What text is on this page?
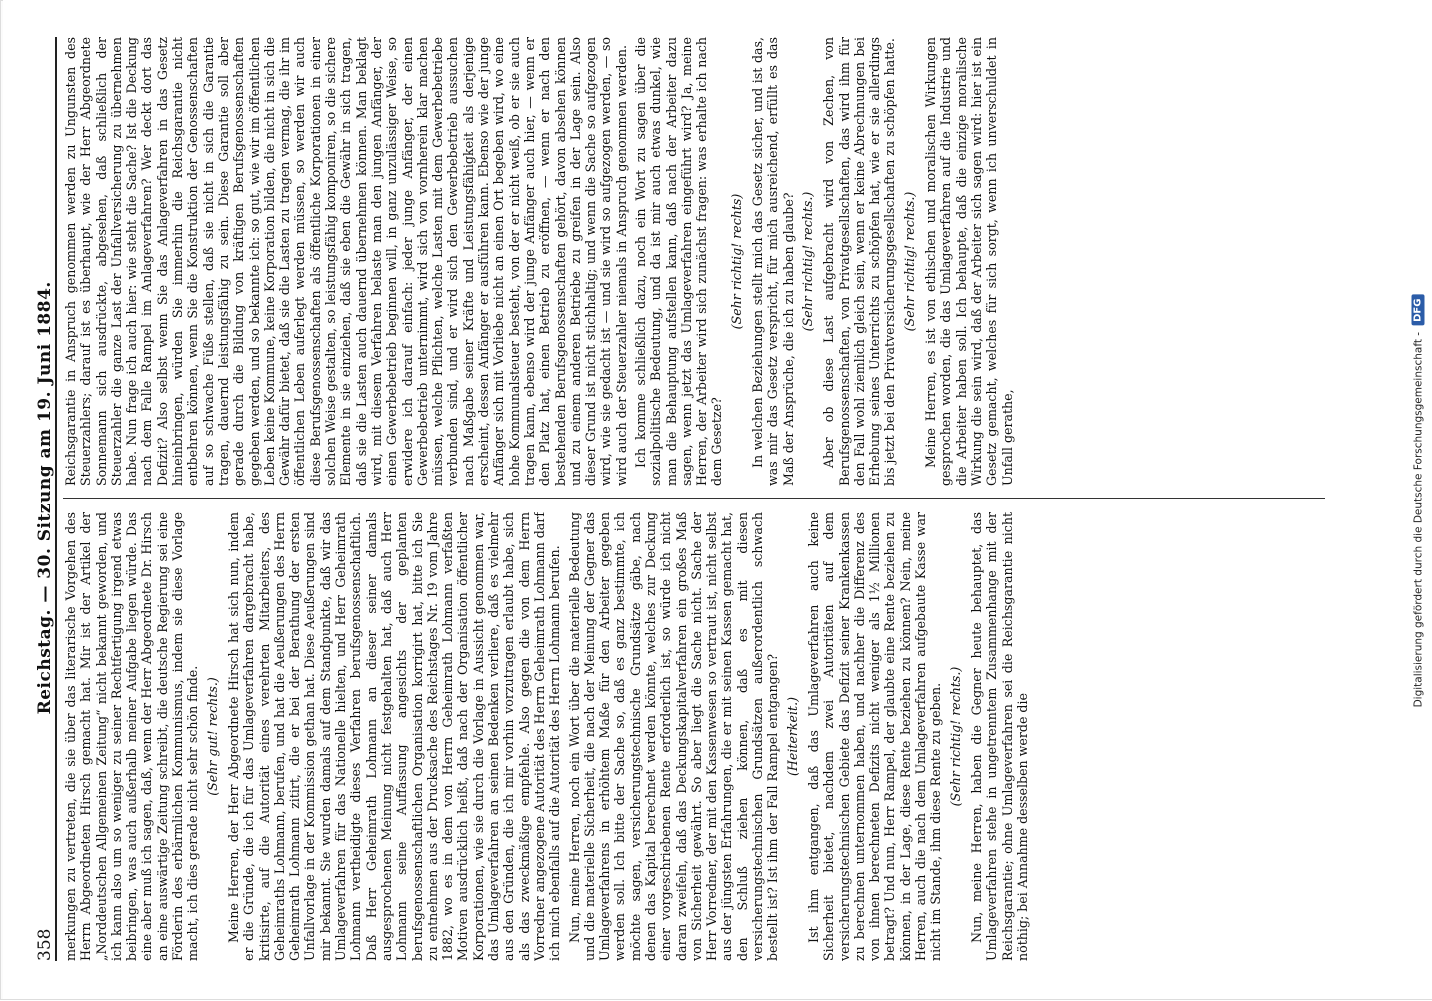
358
Reichstag. — 30. Sitzung am 19. Juni 1884.

merkungen zu vertreten, die sie über das literarische Vorgehen des Herrn Abgeordneten Hirsch gemacht hat. Mir ist der Artikel der „Norddeutschen Allgemeinen Zeitung“ nicht bekannt geworden, und ich kann also um so weniger zu seiner Rechtfertigung irgend etwas beibringen, was auch außerhalb meiner Aufgabe liegen würde. Das eine aber muß ich sagen, daß, wenn der Herr Abgeordnete Dr. Hirsch an eine auswärtige Zeitung schreibt, die deutsche Regierung sei eine Förderin des erbärmlichen Kommunismus, indem sie diese Vorlage macht, ich dies gerade nicht sehr schön finde. (Sehr gut! rechts.) Meine Herren, der Herr Abgeordnete Hirsch hat sich nun, indem er die Gründe, die ich für das Umlageverfahren dargebracht habe, kritisirte, auf die Autorität eines verehrten Mitarbeiters, des Geheimraths Lohmann, berufen, und hat die Aeußerungen des Herrn Geheimrath Lohmann zitirt, die er bei der Berathung der ersten Unfallvorlage in der Kommission gethan hat. Diese Aeußerungen sind mir bekannt. Sie wurden damals auf dem Standpunkte, daß wir das Umlageverfahren für das Nationelle hielten, und Herr Geheimrath Lohmann vertheidigte dieses Verfahren berufsgenossenschaftlich. Daß Herr Geheimrath Lohmann an dieser seiner damals ausgesprochenen Meinung nicht festgehalten hat, daß auch Herr Lohmann seine Auffassung angesichts der geplanten berufsgenossenschaftlichen Organisation korrigirt hat, bitte ich Sie zu entnehmen aus der Drucksache des Reichstages Nr. 19 vom Jahre 1882, wo es in dem von Herrn Geheimrath Lohmann verfaßten Motiven ausdrücklich heißt, daß nach der Organisation öffentlicher Korporationen, wie sie durch die Vorlage in Aussicht genommen war, das Umlageverfahren an seinen Bedenken verliere, daß es vielmehr aus den Gründen, die ich mir vorhin vorzutragen erlaubt habe, sich als das zweckmäßige empfehle. Also gegen die von dem Herrn Vorredner angezogene Autorität des Herrn Geheimrath Lohmann darf ich mich ebenfalls auf die Autorität des Herrn Lohmann berufen. Nun, meine Herren, noch ein Wort über die materielle Bedeutung und die materielle Sicherheit, die nach der Meinung der Gegner das Umlageverfahrens in erhöhtem Maße für den Arbeiter gegeben werden soll. Ich bitte der Sache so, daß es ganz bestimmte, ich möchte sagen, versicherungstechnische Grundsätze gäbe, nach denen das Kapital berechnet werden könnte, welches zur Deckung einer vorgeschriebenen Rente erforderlich ist, so würde ich nicht daran zweifeln, daß das Deckungskapitalverfahren ein großes Maß von Sicherheit gewährt. So aber liegt die Sache nicht. Sache der Herr Vorredner, der mit den Kassenwesen so vertraut ist, nicht selbst aus der jüngsten Erfahrungen, die er mit seinen Kassen gemacht hat, den Schluß ziehen können, daß es mit diesen versicherungstechnischen Grundsätzen außerordentlich schwach bestellt ist? Ist ihm der Fall Rampel entgangen? (Heiterkeit.) Ist ihm entgangen, daß das Umlageverfahren auch keine Sicherheit bietet, nachdem zwei Autoritäten auf dem versicherungstechnischen Gebiete das Defizit seiner Krankenkassen zu berechnen unternommen haben, und nachher die Differenz des von ihnen berechneten Defizits nicht weniger als 1½ Millionen betragt? Und nun, Herr Rampel, der glaubte eine Rente beziehen zu können, in der Lage, diese Rente beziehen zu können? Nein, meine Herren, auch die nach dem Umlageverfahren aufgebaute Kasse war nicht im Stande, ihm diese Rente zu geben. (Sehr richtig! rechts.) Nun, meine Herren, haben die Gegner heute behauptet, das Umlageverfahren stehe in ungetrenntem Zusammenhange mit der Reichsgarantie; ohne Umlageverfahren sei die Reichsgarantie nicht nöthig; bei Annahme desselben werde die

Reichsgarantie in Anspruch genommen werden zu Ungunsten des Steuerzahlers; darauf ist es überhaupt, wie der Herr Abgeordnete Sonnemann sich ausdrückte, abgesehen, daß schließlich der Steuerzahler die ganze Last der Unfallversicherung zu übernehmen habe. Nun frage ich auch hier: wie steht die Sache? Ist die Deckung nach dem Falle Rampel im Anlageverfahren? Wer deckt dort das Defizit? Also selbst wenn Sie das Anlageverfahren in das Gesetz hineinbringen, würden Sie immerhin die Reichsgarantie nicht entbehren können, wenn Sie die Konstruktion der Genossenschaften auf so schwache Füße stellen, daß sie nicht in sich die Garantie tragen, dauernd leistungsfähig zu sein. Diese Garantie soll aber gerade durch die Bildung von kräftigen Berufsgenossenschaften gegeben werden, und so bekannte ich: so gut, wie wir im öffentlichen Leben keine Kommune, keine Korporation bilden, die nicht in sich die Gewähr dafür bietet, daß sie die Lasten zu tragen vermag, die ihr im öffentlichen Leben auferlegt werden müssen, so werden wir auch diese Berufsgenossenschaften als öffentliche Korporationen in einer solchen Weise gestalten, so leistungsfähig komponiren, so die sichere Elemente in sie einziehen, daß sie eben die Gewähr in sich tragen, daß sie die Lasten auch dauernd übernehmen können. Man beklagt wird, mit diesem Verfahren belaste man den jungen Anfänger, der einen Gewerbebetrieb beginnen will, in ganz unzulässiger Weise, so erwidere ich darauf einfach: jeder junge Anfänger, der einen Gewerbebetrieb unternimmt, wird sich von vornherein klar machen müssen, welche Pflichten, welche Lasten mit dem Gewerbebetriebe verbunden sind, und er wird sich den Gewerbebetrieb aussuchen nach Maßgabe seiner Kräfte und Leistungsfähigkeit als derjenige erscheint, dessen Anfänger er ausführen kann. Ebenso wie der junge Anfänger sich mit Vorliebe nicht an einen Ort begeben wird, wo eine hohe Kommunalsteuer besteht, von der er nicht weiß, ob er sie auch tragen kann, ebenso wird der junge Anfänger auch hier, — wenn er den Platz hat, einen Betrieb zu eröffnen, — wenn er nach den bestehenden Berufsgenossenschaften gehört, davon absehen können und zu einem anderen Betriebe zu greifen in der Lage sein. Also dieser Grund ist nicht stichhaltig; und wenn die Sache so aufgezogen wird, wie sie gedacht ist — und sie wird so aufgezogen werden, — so wird auch der Steuerzahler niemals in Anspruch genommen werden. Ich komme schließlich dazu, noch ein Wort zu sagen über die sozialpolitische Bedeutung, und da ist mir auch etwas dunkel, wie man die Behauptung aufstellen kann, daß nach der Arbeiter dazu sagen, wenn jetzt das Umlageverfahren eingeführt wird? Ja, meine Herren, der Arbeiter wird sich zunächst fragen: was erhalte ich nach dem Gesetze?

(Sehr richtig! rechts) In welchen Beziehungen stellt mich das Gesetz sicher, und ist das, was mir das Gesetz verspricht, für mich ausreichend, erfüllt es das Maß der Ansprüche, die ich zu haben glaube? (Sehr richtig! rechts.) Aber ob diese Last aufgebracht wird von Zechen, von Berufsgenossenschaften, von Privatgesellschaften, das wird ihm für den Fall wohl ziemlich gleich sein, wenn er keine Abrechnungen bei Erhebung seines Unterrichts zu schöpfen hat, wie er sie allerdings bis jetzt bei den Privatversicherungsgesellschaften zu schöpfen hatte. (Sehr richtig! rechts.) Meine Herren, es ist von ethischen und moralischen Wirkungen gesprochen worden, die das Umlageverfahren auf die Industrie und die Arbeiter haben soll. Ich behaupte, daß die einzige moralische Wirkung die sein wird, daß der Arbeiter sich sagen wird: hier ist ein Gesetz gemacht, welches für sich sorgt, wenn ich unverschuldet in Unfall gerathe,	Digitalisierung gefördert durch die Deutsche Forschungsgemeinschaft -
DFG
